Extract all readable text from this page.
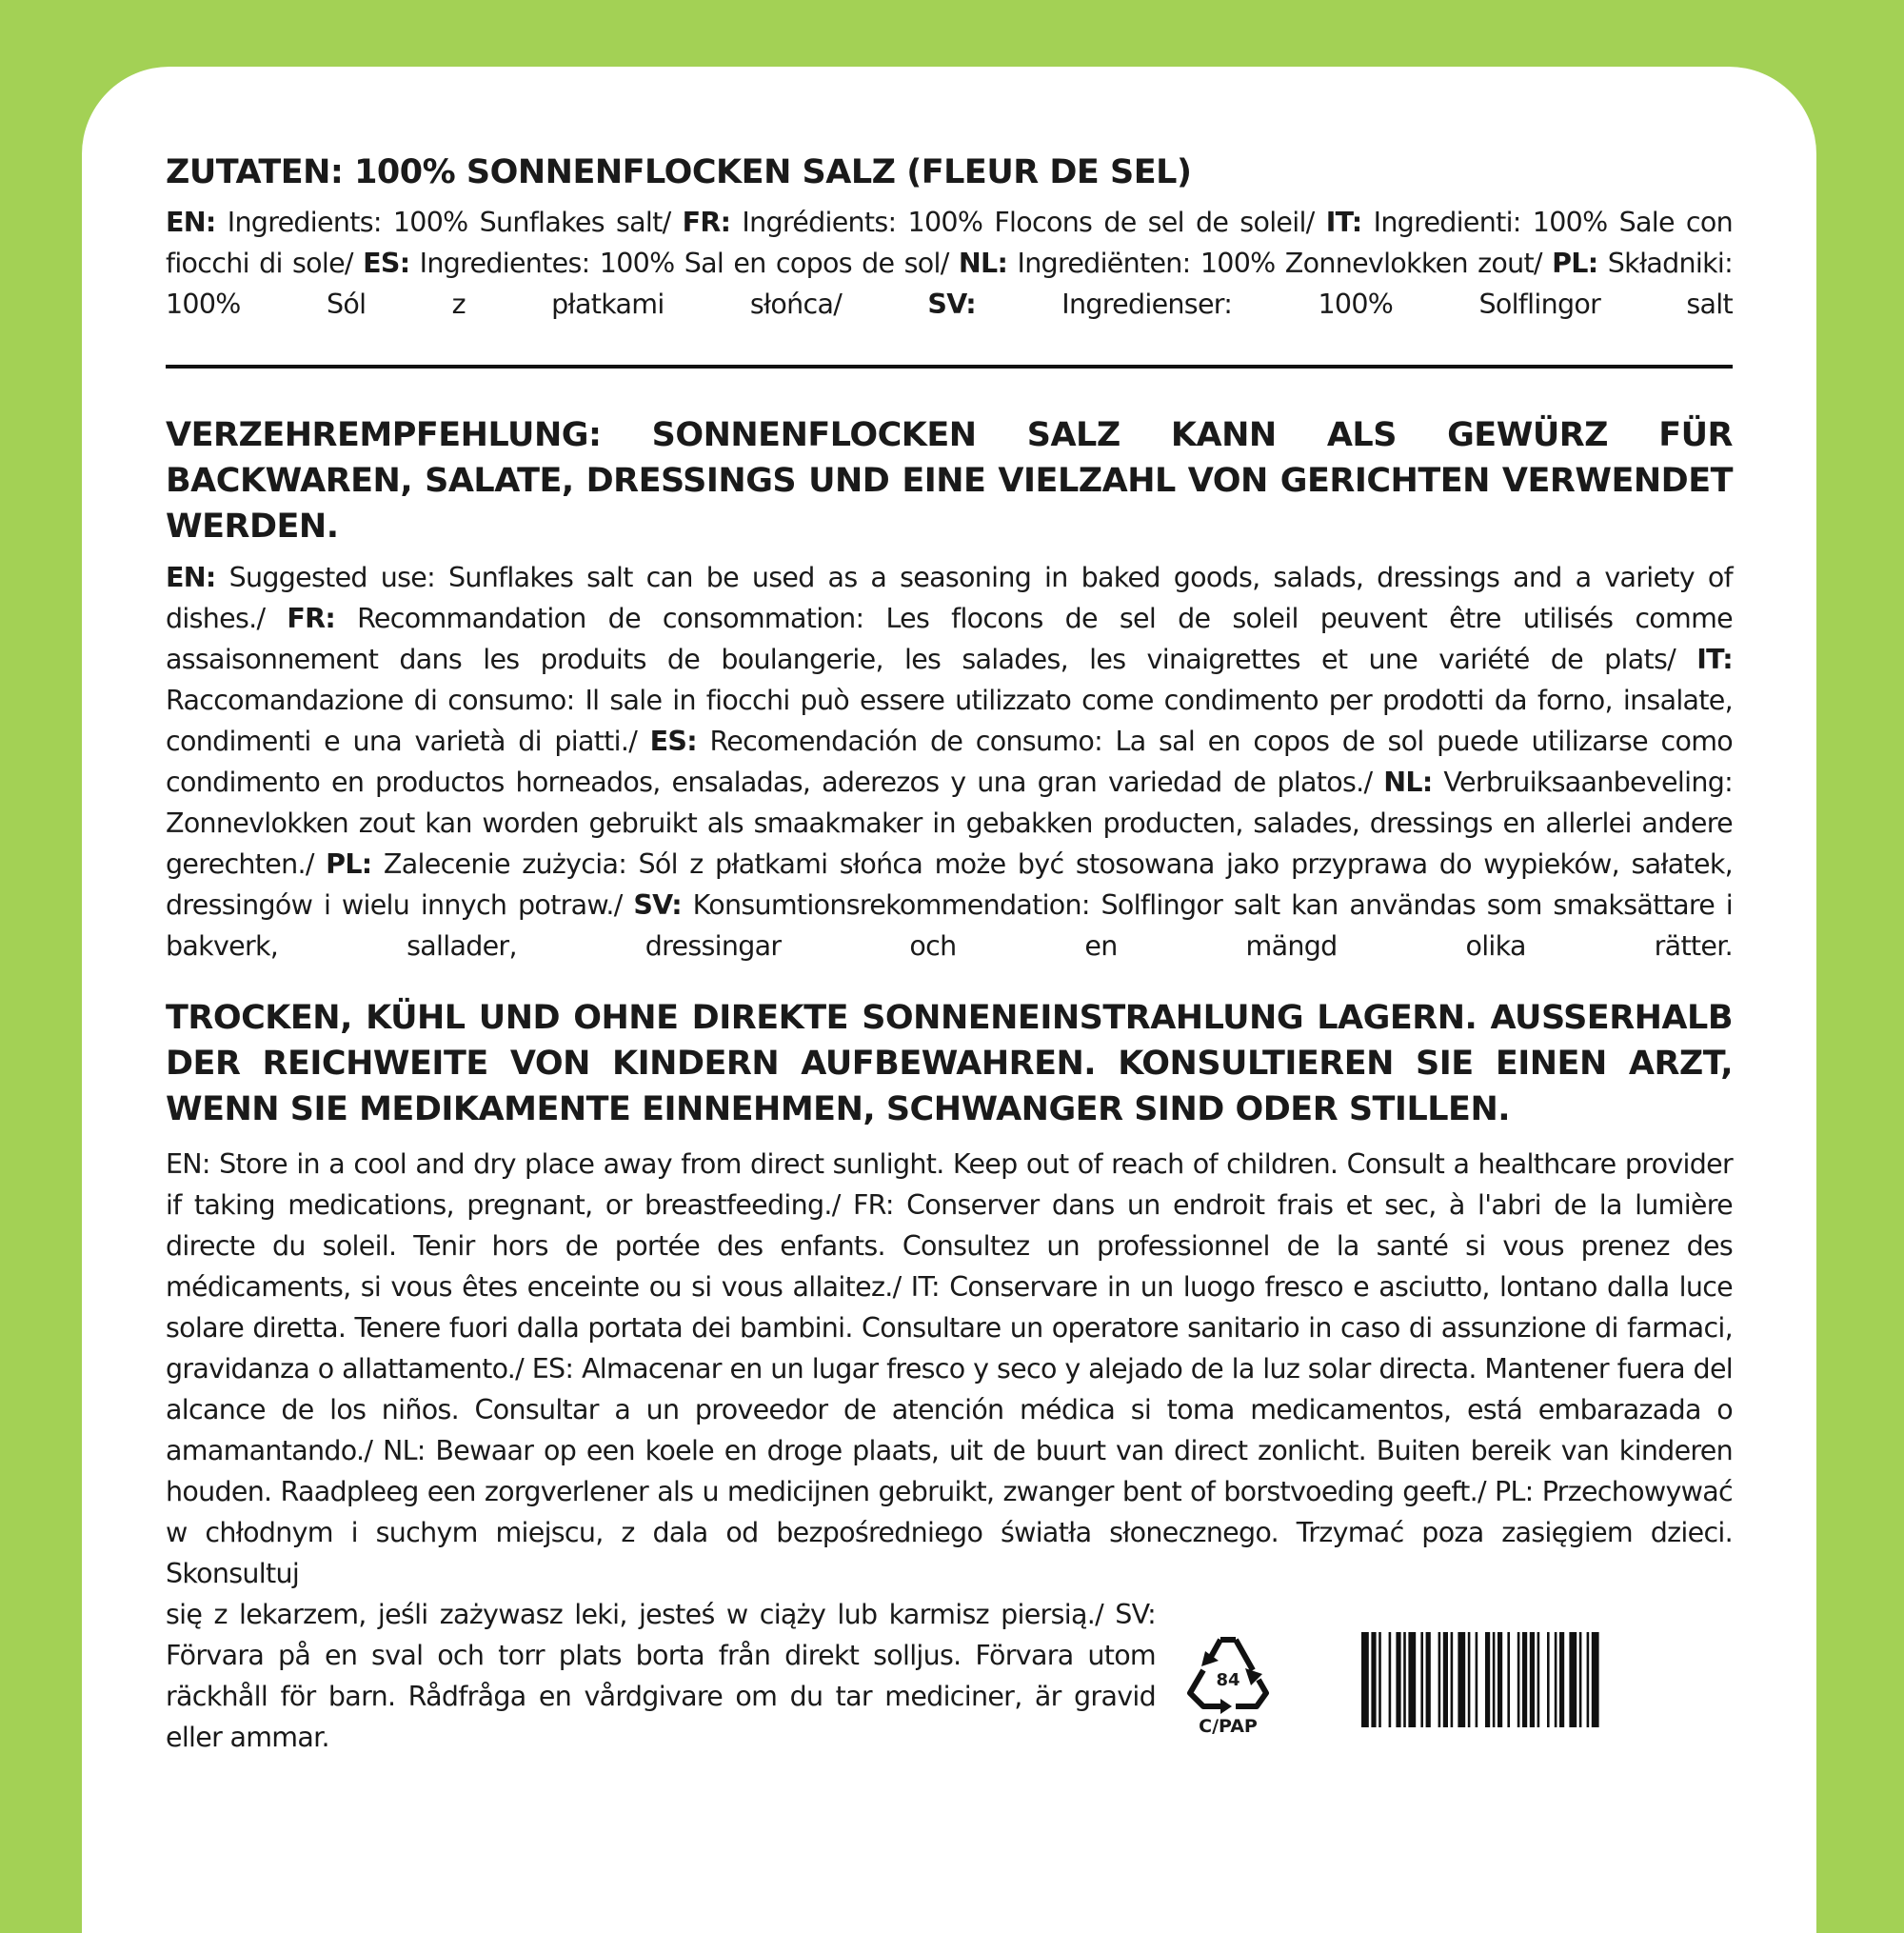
ZUTATEN: 100% SONNENFLOCKEN SALZ (FLEUR DE SEL)

EN: Ingredients: 100% Sunflakes salt/ FR: Ingrédients: 100% Flocons de sel de soleil/ IT: Ingredienti: 100% Sale con fiocchi di sole/ ES: Ingredientes: 100% Sal en copos de sol/ NL: Ingrediënten: 100% Zonnevlokken zout/ PL: Składniki: 100% Sól z płatkami słońca/ SV: Ingredienser: 100% Solflingor salt

VERZEHREMPFEHLUNG: SONNENFLOCKEN SALZ KANN ALS GEWÜRZ FÜR BACKWAREN, SALATE, DRESSINGS UND EINE VIELZAHL VON GERICHTEN VERWENDET WERDEN.

EN: Suggested use: Sunflakes salt can be used as a seasoning in baked goods, salads, dressings and a variety of dishes./ FR: Recommandation de consommation: Les flocons de sel de soleil peuvent être utilisés comme assaisonnement dans les produits de boulangerie, les salades, les vinaigrettes et une variété de plats/ IT: Raccomandazione di consumo: Il sale in fiocchi può essere utilizzato come condimento per prodotti da forno, insalate, condimenti e una varietà di piatti./ ES: Recomendación de consumo: La sal en copos de sol puede utilizarse como condimento en productos horneados, ensaladas, aderezos y una gran variedad de platos./ NL: Verbruiksaanbeveling: Zonnevlokken zout kan worden gebruikt als smaakmaker in gebakken producten, salades, dressings en allerlei andere gerechten./ PL: Zalecenie zużycia: Sól z płatkami słońca może być stosowana jako przyprawa do wypieków, sałatek, dressingów i wielu innych potraw./ SV: Konsumtionsrekommendation: Solflingor salt kan användas som smaksättare i bakverk, sallader, dressingar och en mängd olika rätter.

TROCKEN, KÜHL UND OHNE DIREKTE SONNENEINSTRAHLUNG LAGERN. AUSSERHALB DER REICHWEITE VON KINDERN AUFBEWAHREN. KONSULTIEREN SIE EINEN ARZT, WENN SIE MEDIKAMENTE EINNEHMEN, SCHWANGER SIND ODER STILLEN.

EN: Store in a cool and dry place away from direct sunlight. Keep out of reach of children. Consult a healthcare provider if taking medications, pregnant, or breastfeeding./ FR: Conserver dans un endroit frais et sec, à l'abri de la lumière directe du soleil. Tenir hors de portée des enfants. Consultez un professionnel de la santé si vous prenez des médicaments, si vous êtes enceinte ou si vous allaitez./ IT: Conservare in un luogo fresco e asciutto, lontano dalla luce solare diretta. Tenere fuori dalla portata dei bambini. Consultare un operatore sanitario in caso di assunzione di farmaci, gravidanza o allattamento./ ES: Almacenar en un lugar fresco y seco y alejado de la luz solar directa. Mantener fuera del alcance de los niños. Consultar a un proveedor de atención médica si toma medicamentos, está embarazada o amamantando./ NL: Bewaar op een koele en droge plaats, uit de buurt van direct zonlicht. Buiten bereik van kinderen houden. Raadpleeg een zorgverlener als u medicijnen gebruikt, zwanger bent of borstvoeding geeft./ PL: Przechowywać w chłodnym i suchym miejscu, z dala od bezpośredniego światła słonecznego. Trzymać poza zasięgiem dzieci. Skonsultuj

się z lekarzem, jeśli zażywasz leki, jesteś w ciąży lub karmisz piersią./ SV: Förvara på en sval och torr plats borta från direkt solljus. Förvara utom räckhåll för barn. Rådfråga en vårdgivare om du tar mediciner, är gravid eller ammar.

84
C/PAP
